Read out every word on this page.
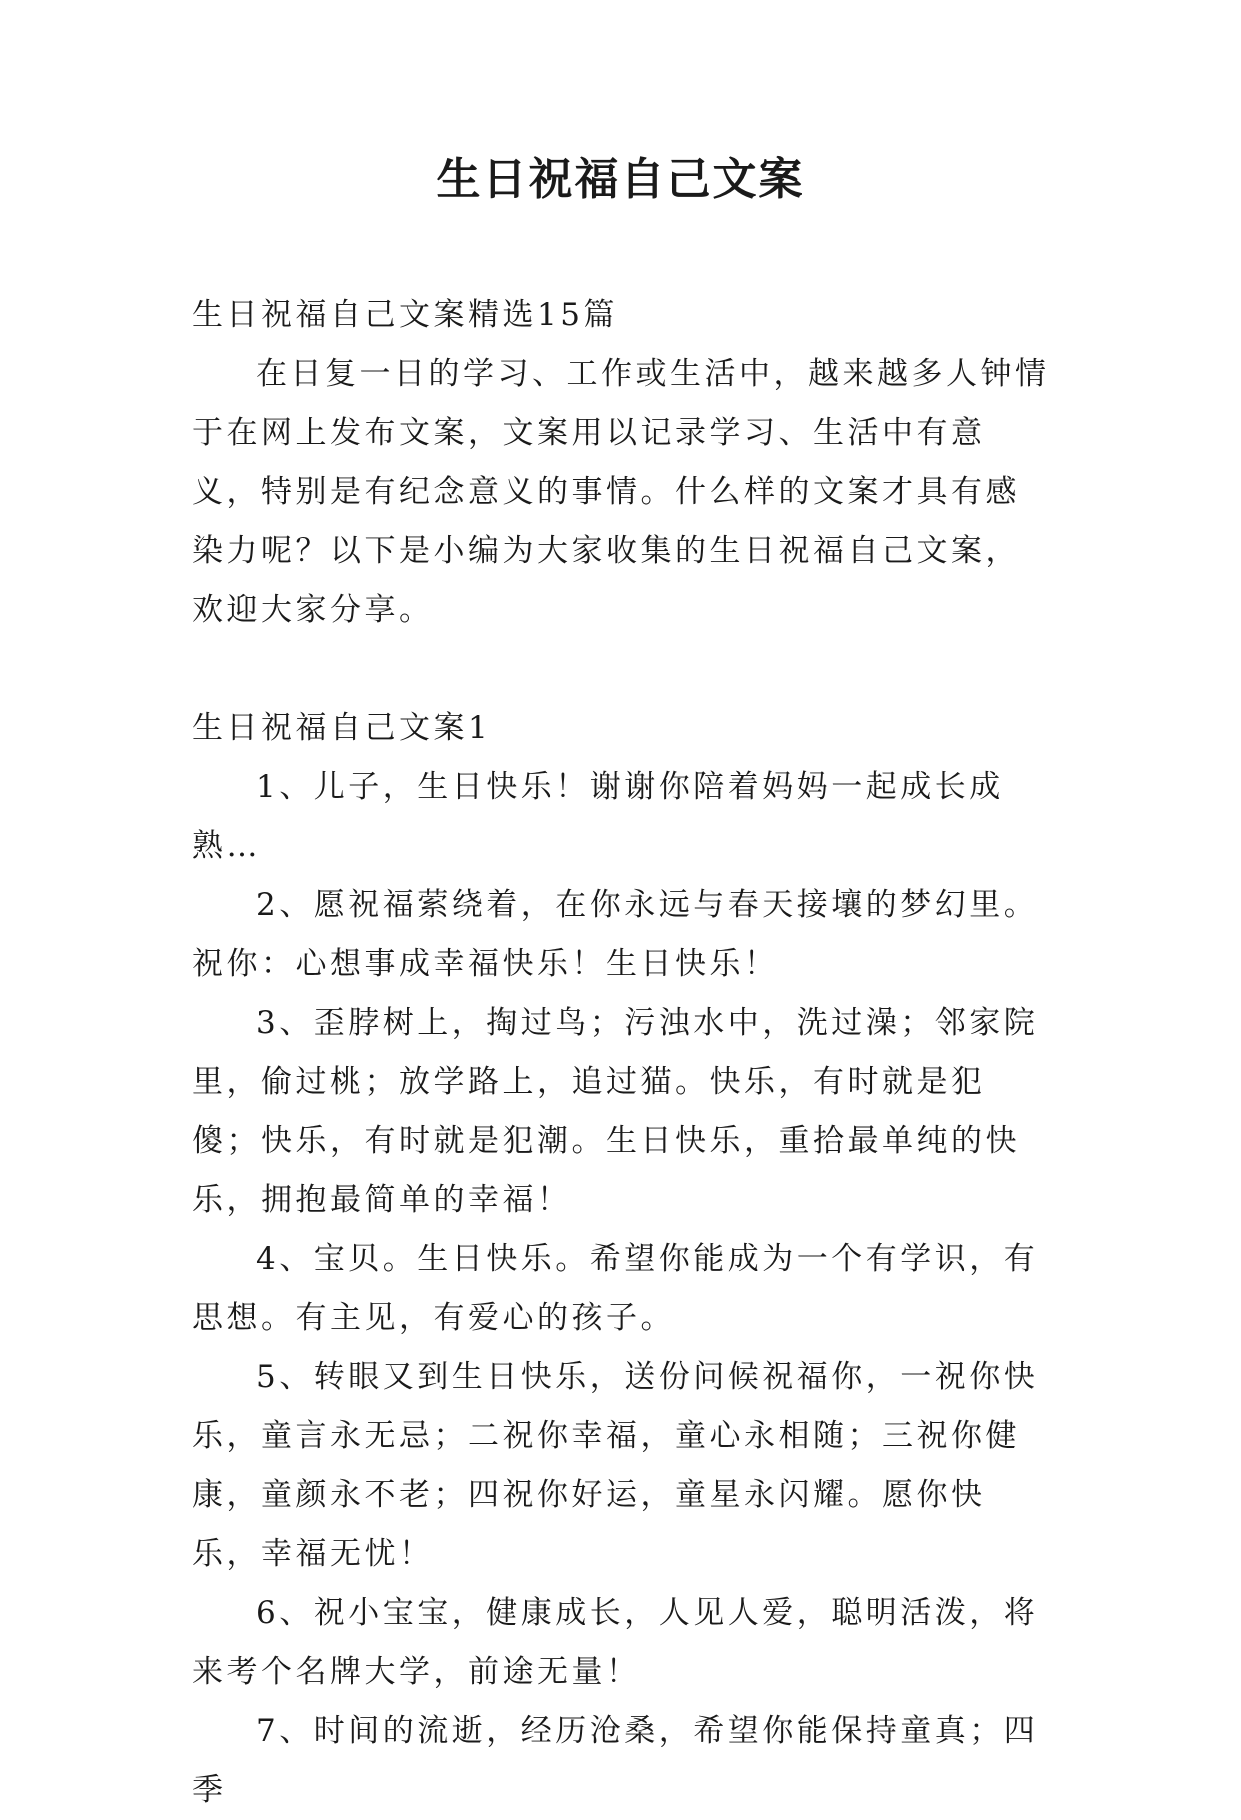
生日祝福自己文案

生日祝福自己文案精选15篇

在日复一日的学习、工作或生活中，越来越多人钟情于在网上发布文案，文案用以记录学习、生活中有意义，特别是有纪念意义的事情。什么样的文案才具有感染力呢？以下是小编为大家收集的生日祝福自己文案，欢迎大家分享。

生日祝福自己文案1

1、儿子，生日快乐！谢谢你陪着妈妈一起成长成熟…

2、愿祝福萦绕着，在你永远与春天接壤的梦幻里。祝你：心想事成幸福快乐！生日快乐！

3、歪脖树上，掏过鸟；污浊水中，洗过澡；邻家院里，偷过桃；放学路上，追过猫。快乐，有时就是犯傻；快乐，有时就是犯潮。生日快乐，重拾最单纯的快乐，拥抱最简单的幸福！

4、宝贝。生日快乐。希望你能成为一个有学识，有思想。有主见，有爱心的孩子。

5、转眼又到生日快乐，送份问候祝福你，一祝你快乐，童言永无忌；二祝你幸福，童心永相随；三祝你健康，童颜永不老；四祝你好运，童星永闪耀。愿你快乐，幸福无忧！

6、祝小宝宝，健康成长，人见人爱，聪明活泼，将来考个名牌大学，前途无量！

7、时间的流逝，经历沧桑，希望你能保持童真；四季
